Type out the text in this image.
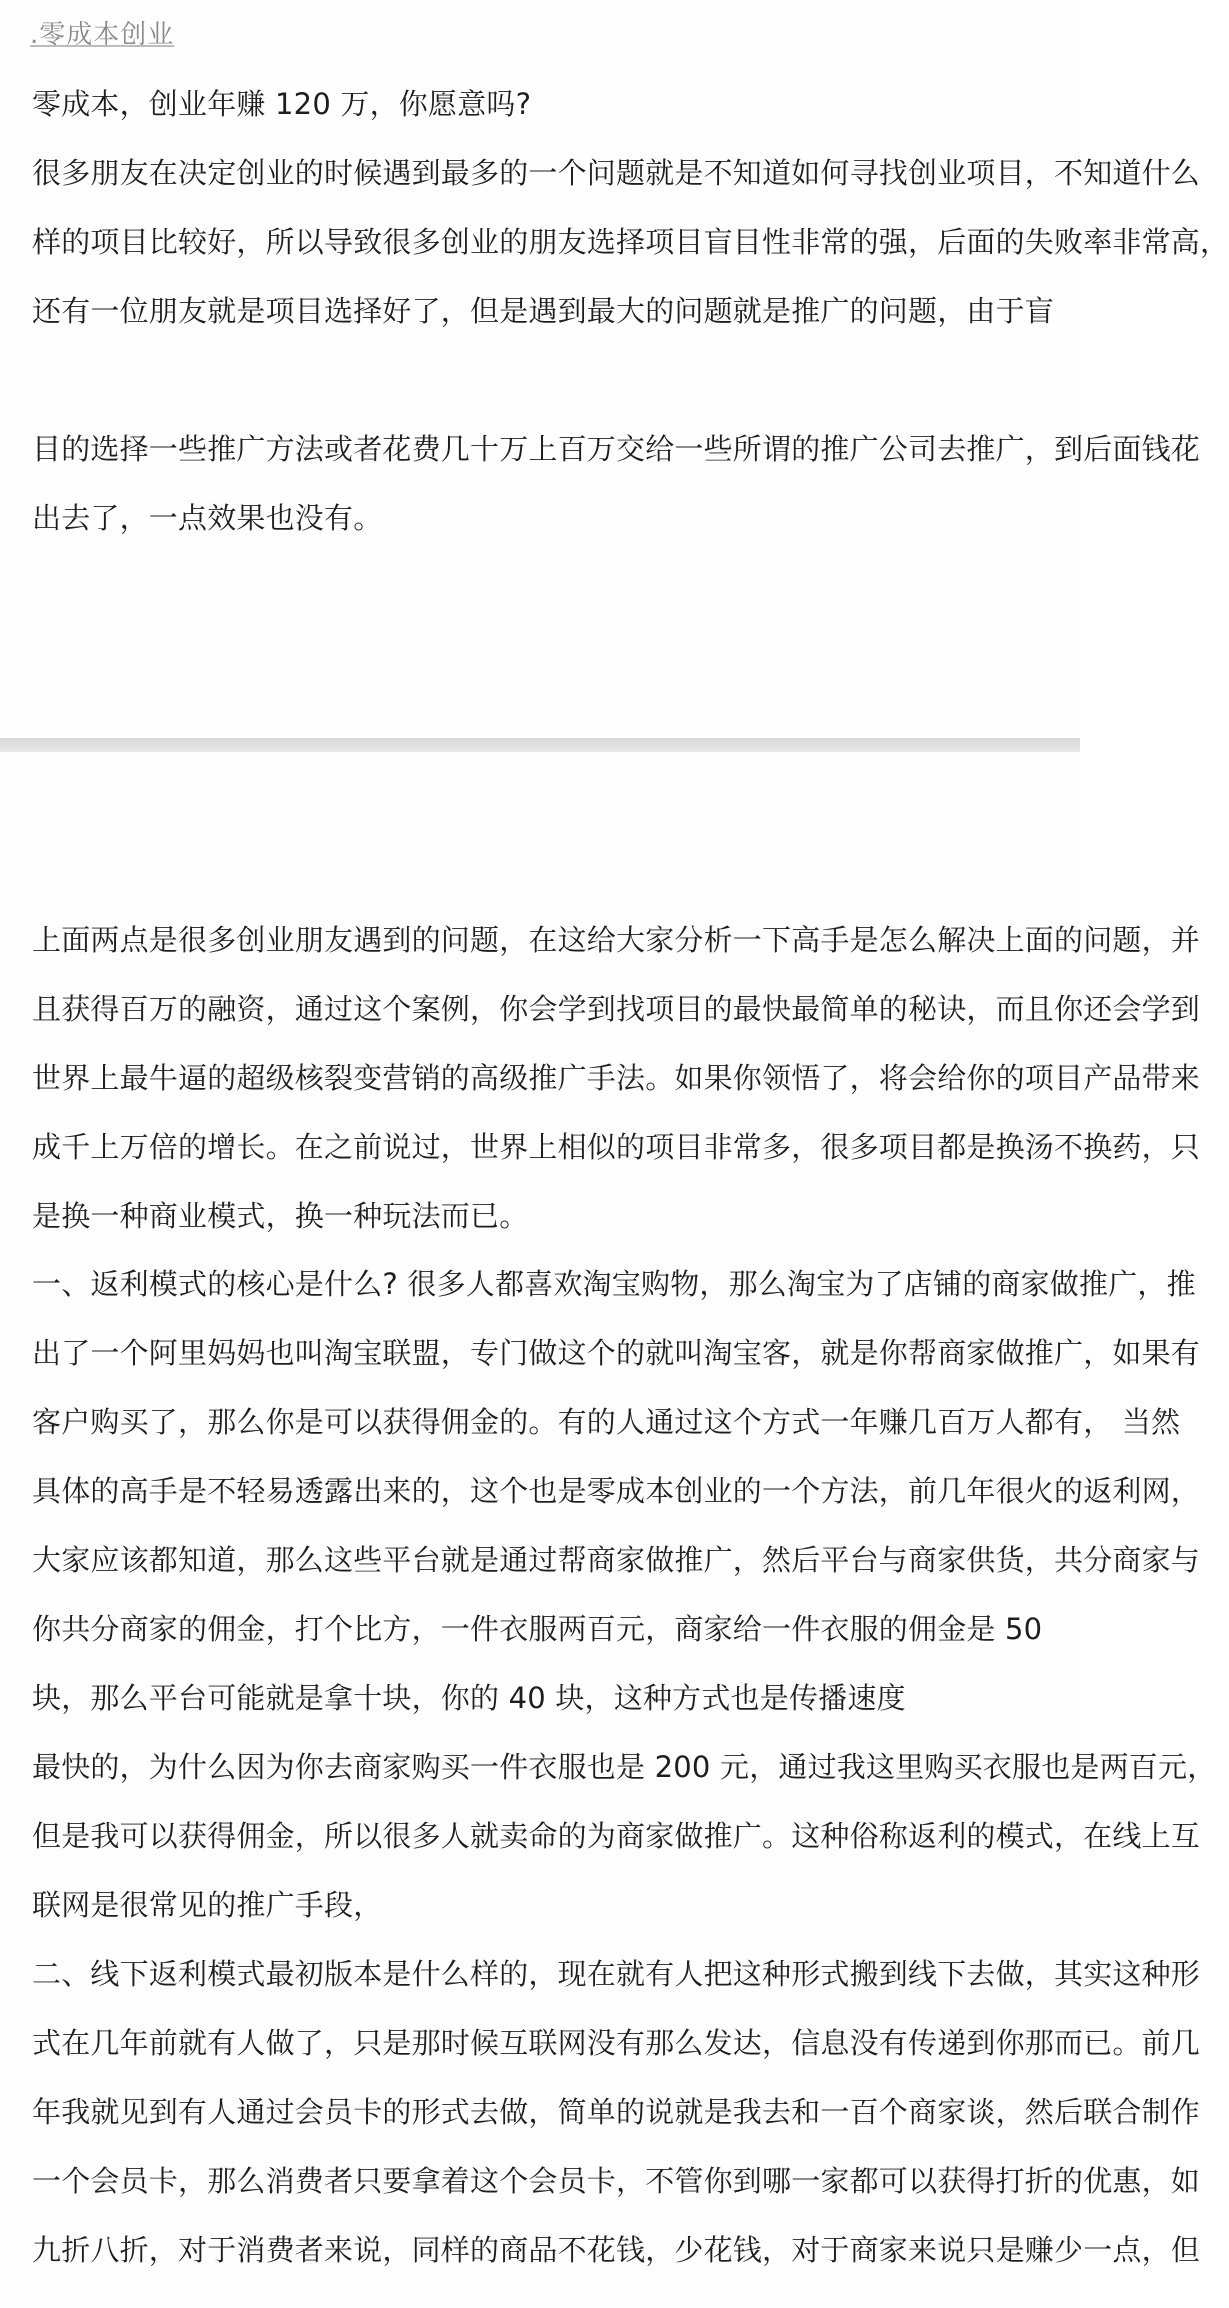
.零成本创业
零成本，创业年赚 120 万，你愿意吗?
很多朋友在决定创业的时候遇到最多的一个问题就是不知道如何寻找创业项目，不知道什么
样的项目比较好，所以导致很多创业的朋友选择项目盲目性非常的强，后面的失败率非常高，
还有一位朋友就是项目选择好了，但是遇到最大的问题就是推广的问题，由于盲
目的选择一些推广方法或者花费几十万上百万交给一些所谓的推广公司去推广，到后面钱花
出去了，一点效果也没有。
上面两点是很多创业朋友遇到的问题，在这给大家分析一下高手是怎么解决上面的问题，并
且获得百万的融资，通过这个案例，你会学到找项目的最快最简单的秘诀，而且你还会学到
世界上最牛逼的超级核裂变营销的高级推广手法。如果你领悟了，将会给你的项目产品带来
成千上万倍的增长。在之前说过，世界上相似的项目非常多，很多项目都是换汤不换药，只
是换一种商业模式，换一种玩法而已。
一、返利模式的核心是什么? 很多人都喜欢淘宝购物，那么淘宝为了店铺的商家做推广，推
出了一个阿里妈妈也叫淘宝联盟，专门做这个的就叫淘宝客，就是你帮商家做推广，如果有
客户购买了，那么你是可以获得佣金的。有的人通过这个方式一年赚几百万人都有， 当然
具体的高手是不轻易透露出来的，这个也是零成本创业的一个方法，前几年很火的返利网，
大家应该都知道，那么这些平台就是通过帮商家做推广，然后平台与商家供货，共分商家与
你共分商家的佣金，打个比方，一件衣服两百元，商家给一件衣服的佣金是 50
块，那么平台可能就是拿十块，你的 40 块，这种方式也是传播速度
最快的，为什么因为你去商家购买一件衣服也是 200 元，通过我这里购买衣服也是两百元，
但是我可以获得佣金，所以很多人就卖命的为商家做推广。这种俗称返利的模式，在线上互
联网是很常见的推广手段，
二、线下返利模式最初版本是什么样的，现在就有人把这种形式搬到线下去做，其实这种形
式在几年前就有人做了，只是那时候互联网没有那么发达，信息没有传递到你那而已。前几
年我就见到有人通过会员卡的形式去做，简单的说就是我去和一百个商家谈，然后联合制作
一个会员卡，那么消费者只要拿着这个会员卡，不管你到哪一家都可以获得打折的优惠，如
九折八折，对于消费者来说，同样的商品不花钱，少花钱，对于商家来说只是赚少一点，但
